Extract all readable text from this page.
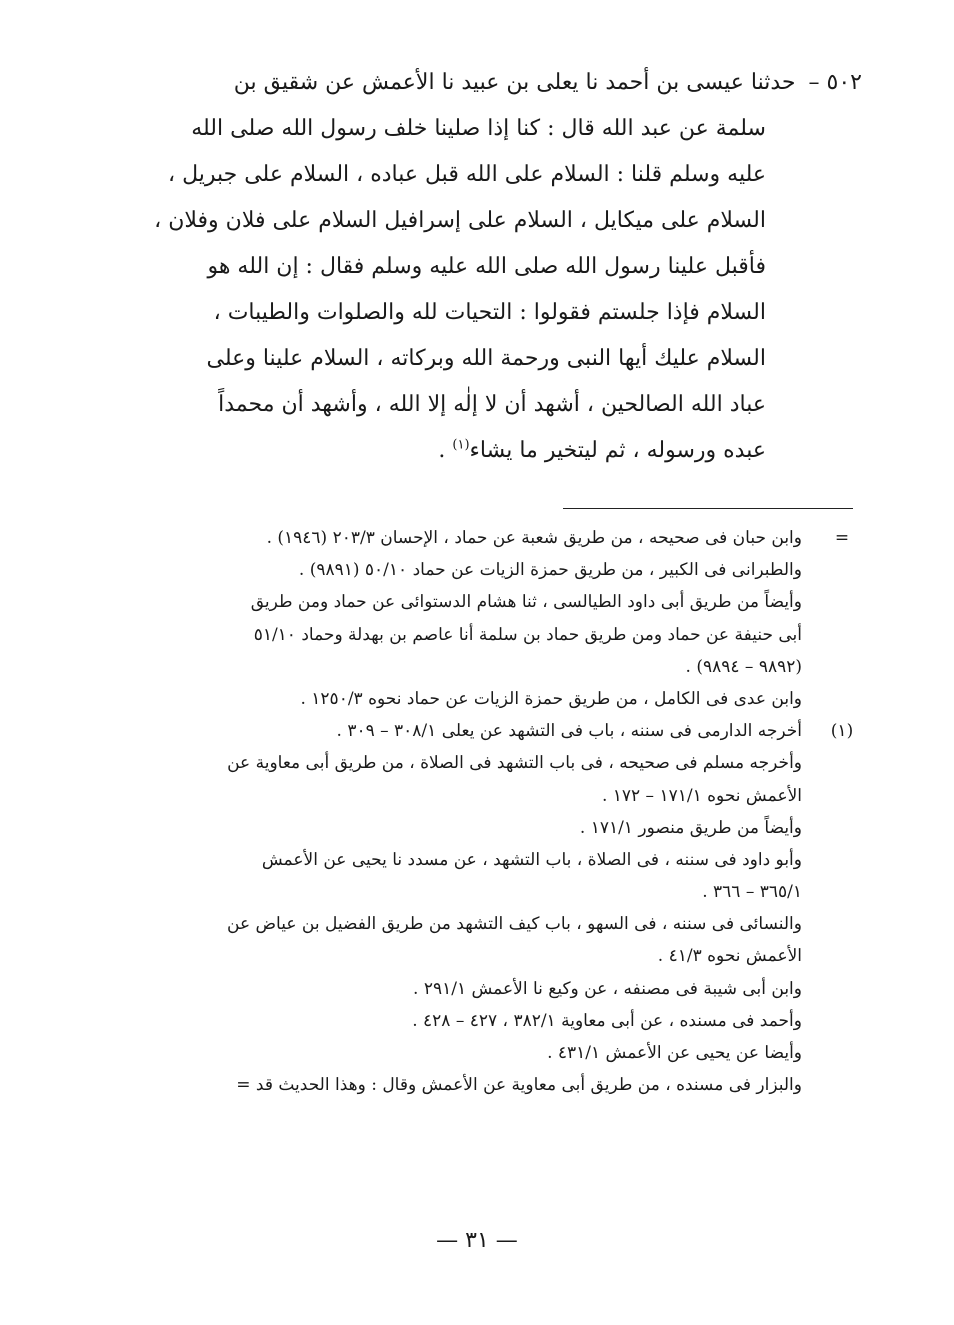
٥٠٢ – حدثنا عيسى بن أحمد نا يعلى بن عبيد نا الأعمش عن شقيق بن
سلمة عن عبد الله قال : كنا إذا صلينا خلف رسول الله صلى الله
عليه وسلم قلنا : السلام على الله قبل عباده ، السلام على جبريل ،
السلام على ميكايل ، السلام على إسرافيل السلام على فلان وفلان ،
فأقبل علينا رسول الله صلى الله عليه وسلم فقال : إن الله هو
السلام فإذا جلستم فقولوا : التحيات لله والصلوات والطيبات ،
السلام عليك أيها النبى ورحمة الله وبركاته ، السلام علينا وعلى
عباد الله الصالحين ، أشهد أن لا إلٰه إلا الله ، وأشهد أن محمداً
عبده ورسوله ، ثم ليتخير ما يشاء$^{(١)}$ .
=
وابن حبان فى صحيحه ، من طريق شعبة عن حماد ، الإحسان ٢٠٣/٣ (١٩٤٦) .
والطبرانى فى الكبير ، من طريق حمزة الزيات عن حماد ٥٠/١٠ (٩٨٩١) .
وأيضاً من طريق أبى داود الطيالسى ، ثنا هشام الدستوائى عن حماد ومن طريق
أبى حنيفة عن حماد ومن طريق حماد بن سلمة أنا عاصم بن بهدلة وحماد ٥١/١٠
(٩٨٩٢ – ٩٨٩٤) .
وابن عدى فى الكامل ، من طريق حمزة الزيات عن حماد نحوه ١٢٥٠/٣ .
(١)
أخرجه الدارمى فى سننه ، باب فى التشهد عن يعلى ٣٠٨/١ – ٣٠٩ .
وأخرجه مسلم فى صحيحه ، فى باب التشهد فى الصلاة ، من طريق أبى معاوية عن
الأعمش نحوه ١٧١/١ – ١٧٢ .
وأيضاً من طريق منصور ١٧١/١ .
وأبو داود فى سننه ، فى الصلاة ، باب التشهد ، عن مسدد نا يحيى عن الأعمش
٣٦٥/١ – ٣٦٦ .
والنسائى فى سننه ، فى السهو ، باب كيف التشهد من طريق الفضيل بن عياض عن
الأعمش نحوه ٤١/٣ .
وابن أبى شيبة فى مصنفه ، عن وكيع نا الأعمش ٢٩١/١ .
وأحمد فى مسنده ، عن أبى معاوية ٣٨٢/١ ، ٤٢٧ – ٤٢٨ .
وأيضا عن يحيى عن الأعمش ٤٣١/١ .
والبزار فى مسنده ، من طريق أبى معاوية عن الأعمش وقال : وهذا الحديث قد =
— ٣١ —
